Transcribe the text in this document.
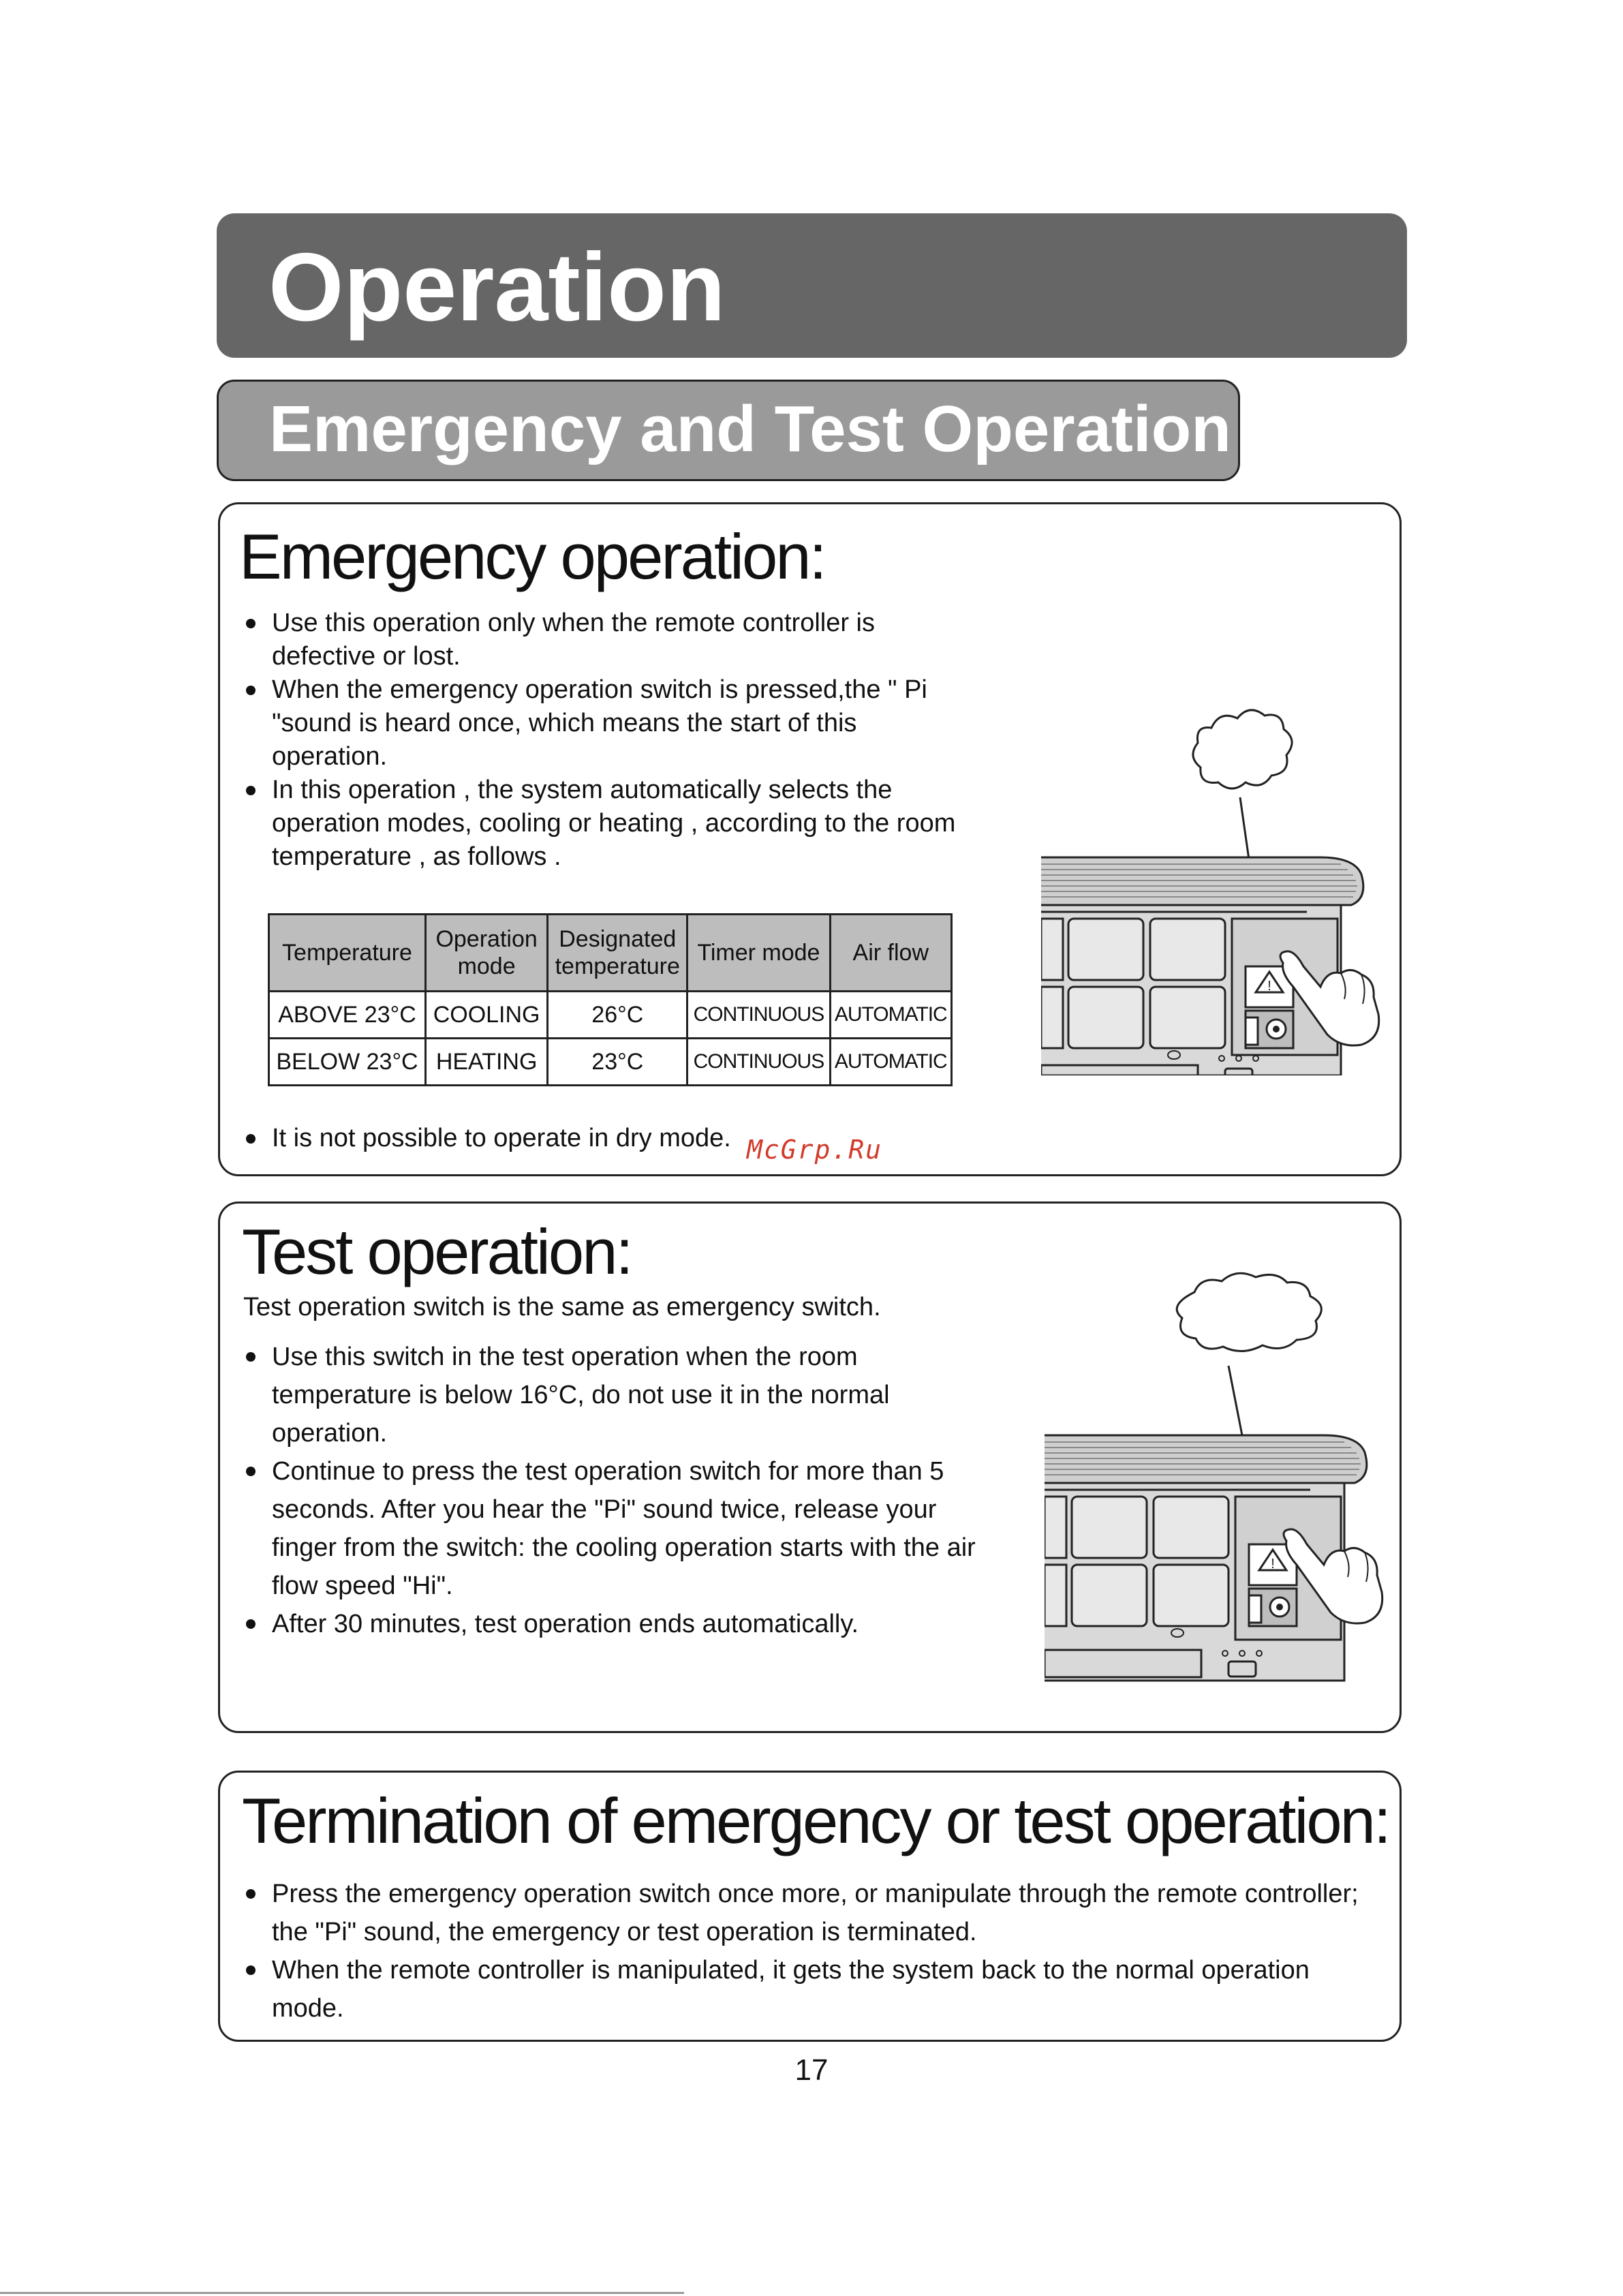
Operation
Emergency and Test Operation
Emergency operation:
Use this operation only when the remote controller is defective or lost.
When the emergency operation switch is pressed,the " Pi "sound is heard once, which means the start of this operation.
In this operation , the system automatically selects the operation modes, cooling or heating , according to the room temperature , as follows .
Temperature	Operation mode	Designated temperature	Timer mode	Air flow
ABOVE 23°C	COOLING	26°C	CONTINUOUS	AUTOMATIC
BELOW 23°C	HEATING	23°C	CONTINUOUS	AUTOMATIC
It is not possible to operate in dry mode.
!
McGrp.Ru
Test operation:
Test operation switch is the same as emergency switch.
Use this switch in the test operation when the room temperature is below 16°C, do not use it in the normal operation.
Continue to press the test operation switch for more than 5 seconds. After you hear the "Pi" sound twice, release your finger from the switch: the cooling operation starts with the air flow speed "Hi".
After 30 minutes, test operation ends automatically.
!
Termination of emergency or test operation:
Press the emergency operation switch once more, or manipulate through the remote controller; the "Pi" sound, the emergency or test operation is terminated.
When the remote controller is manipulated, it gets the system back to the normal operation mode.
17
